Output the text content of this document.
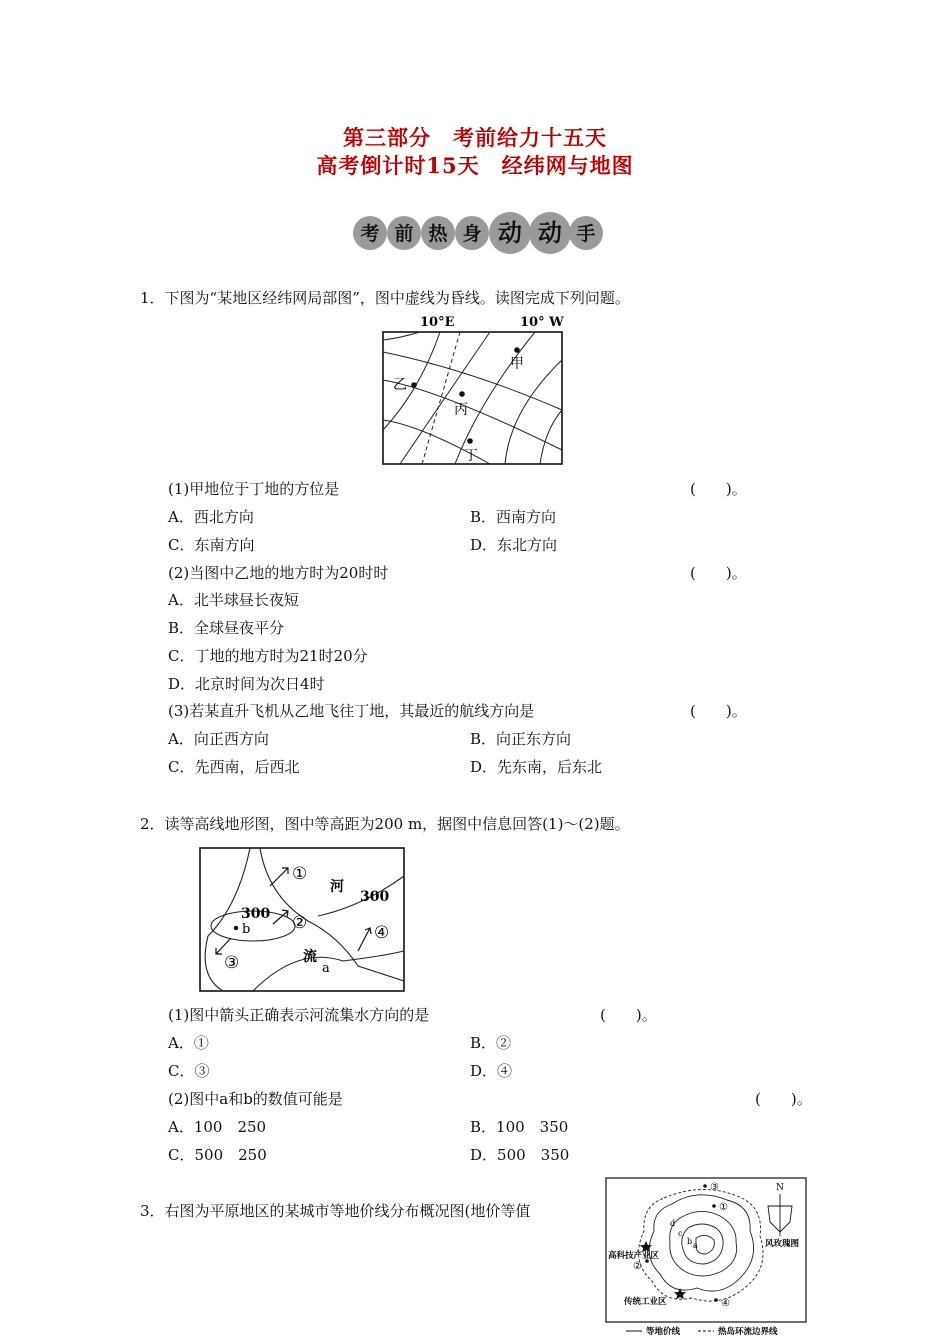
第三部分　考前给力十五天
高考倒计时15天　经纬网与地图
考 前 热 身 动 动 手
1．下图为“某地区经纬网局部图”，图中虚线为昏线。读图完成下列问题。
10°E	10° W
甲
乙
丙
丁
(1)甲地位于丁地的方位是	(　　)。
A．西北方向	B．西南方向
C．东南方向	D．东北方向
(2)当图中乙地的地方时为20时时	(　　)。
A．北半球昼长夜短
B．全球昼夜平分
C．丁地的地方时为21时20分
D．北京时间为次日4时
(3)若某直升飞机从乙地飞往丁地，其最近的航线方向是	(　　)。
A．向正西方向	B．向正东方向
C．先西南，后西北	D．先东南，后东北
2．读等高线地形图，图中等高距为200 m，据图中信息回答(1)～(2)题。
河
流
300
300
b
a
①
②
③
④
(1)图中箭头正确表示河流集水方向的是	(　　)。
A．①	B．②
C．③	D．④
(2)图中a和b的数值可能是	(　　)。
A．100　250	B．100　350
C．500　250	D．500　350
3．右图为平原地区的某城市等地价线分布概况图(地价等值
d
c
b a
③
①
②
④
高科技产业区
传统工业区
风玫瑰图
N
等地价线	热岛环流边界线
